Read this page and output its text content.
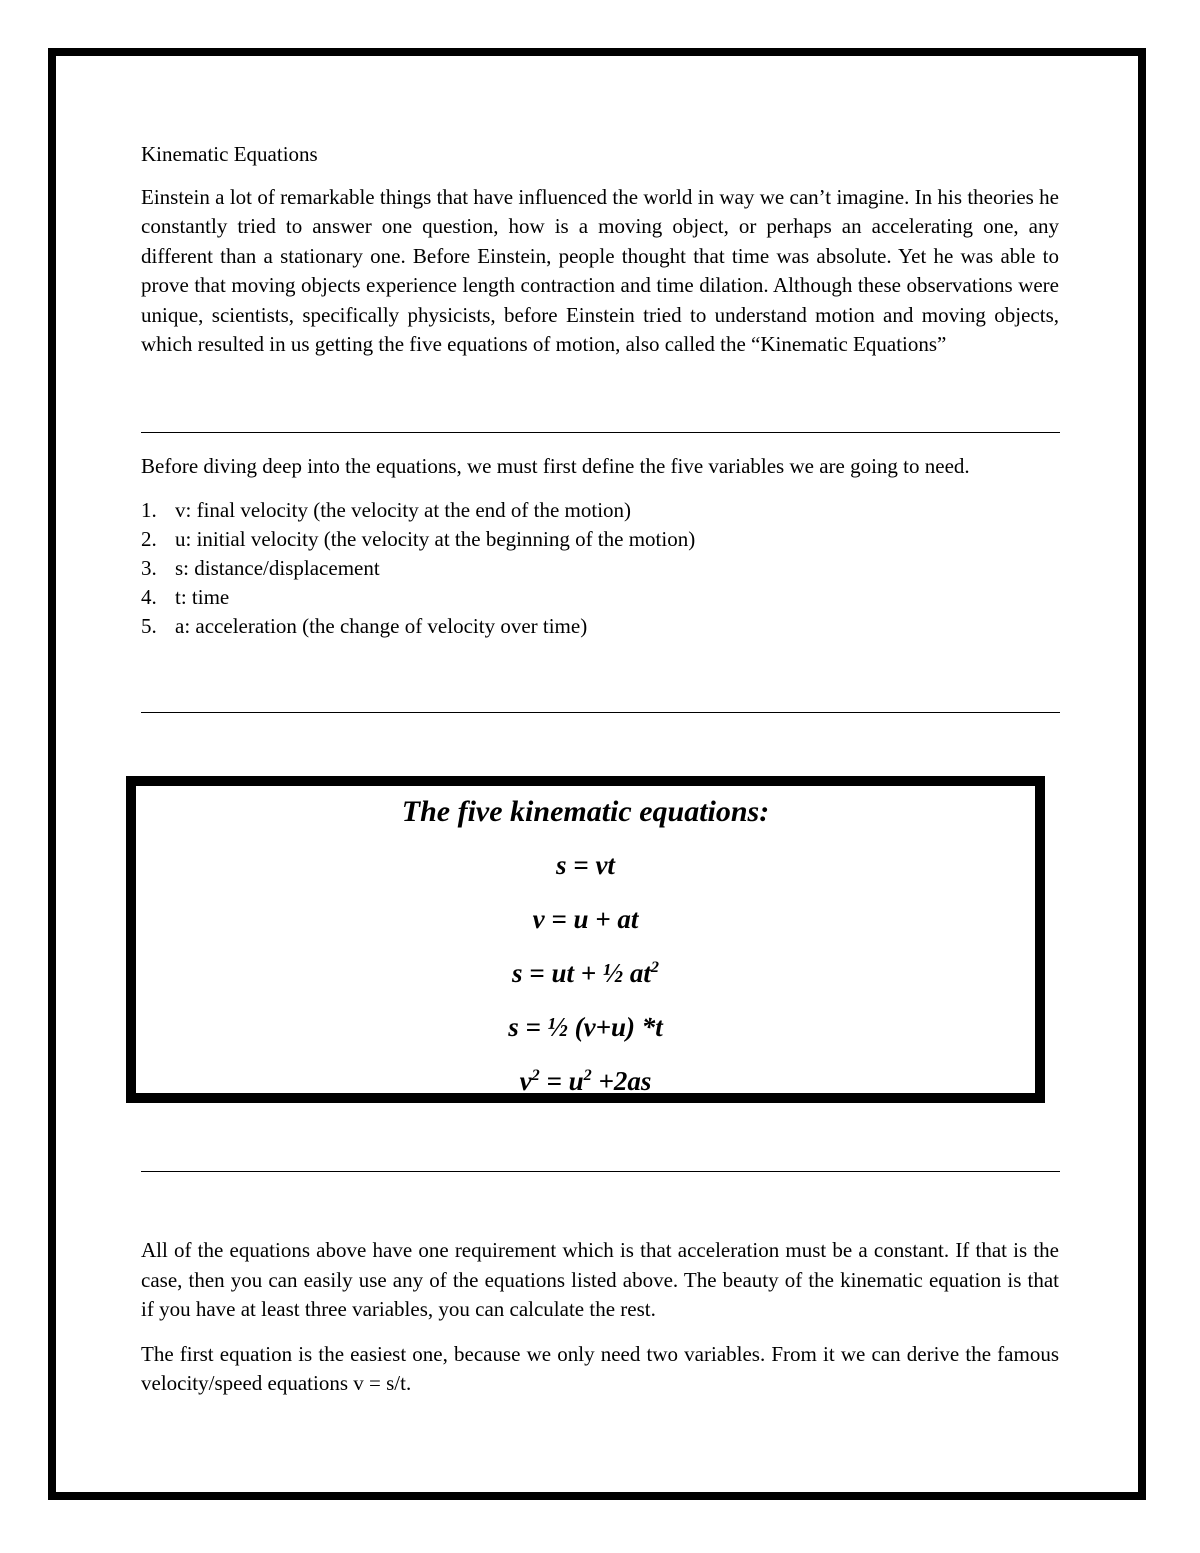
Kinematic Equations

Einstein a lot of remarkable things that have influenced the world in way we can’t imagine. In his theories he constantly tried to answer one question, how is a moving object, or perhaps an accelerating one, any different than a stationary one. Before Einstein, people thought that time was absolute. Yet he was able to prove that moving objects experience length contraction and time dilation. Although these observations were unique, scientists, specifically physicists, before Einstein tried to understand motion and moving objects, which resulted in us getting the five equations of motion, also called the “Kinematic Equations”

Before diving deep into the equations, we must first define the five variables we are going to need.

1. v: final velocity (the velocity at the end of the motion)
2. u: initial velocity (the velocity at the beginning of the motion)
3. s: distance/displacement
4. t: time
5. a: acceleration (the change of velocity over time)
The five kinematic equations:
s = vt
v = u + at
s = ut + ½ $at^2$
s = ½ (v+u) *t
$v^2 = u^2 +2as$

All of the equations above have one requirement which is that acceleration must be a constant. If that is the case, then you can easily use any of the equations listed above. The beauty of the kinematic equation is that if you have at least three variables, you can calculate the rest.

The first equation is the easiest one, because we only need two variables. From it we can derive the famous velocity/speed equations v = s/t.
